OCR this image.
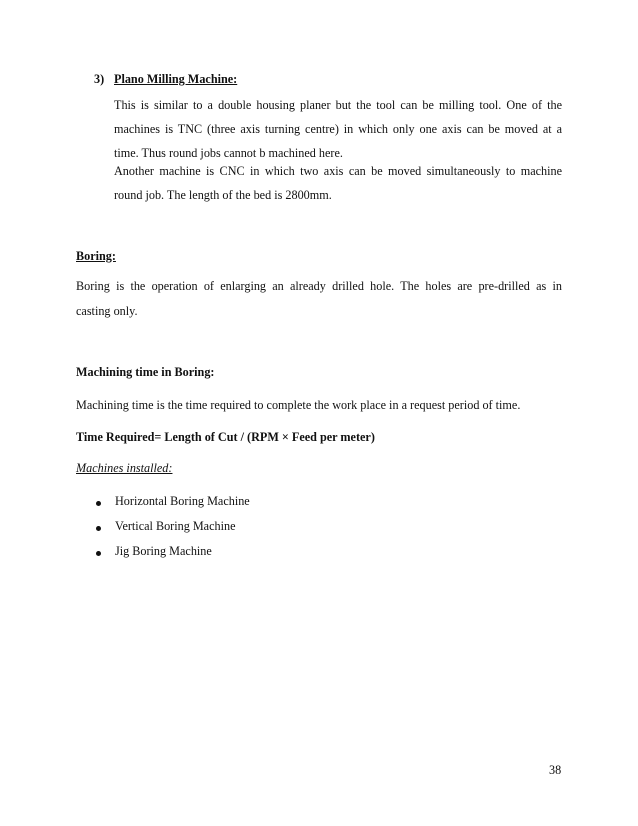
3) Plano Milling Machine:
This is similar to a double housing planer but the tool can be milling tool. One of the
machines is TNC (three axis turning centre) in which only one axis can be moved at a
time. Thus round jobs cannot b machined here.
Another machine is CNC in which two axis can be moved simultaneously to machine
round job. The length of the bed is 2800mm.
Boring:
Boring is the operation of enlarging an already drilled hole. The holes are pre-drilled as in
casting only.
Machining time in Boring:
Machining time is the time required to complete the work place in a request period of time.
Time Required= Length of Cut / (RPM × Feed per meter)
Machines installed:
Horizontal Boring Machine
Vertical Boring Machine
Jig Boring Machine
38
